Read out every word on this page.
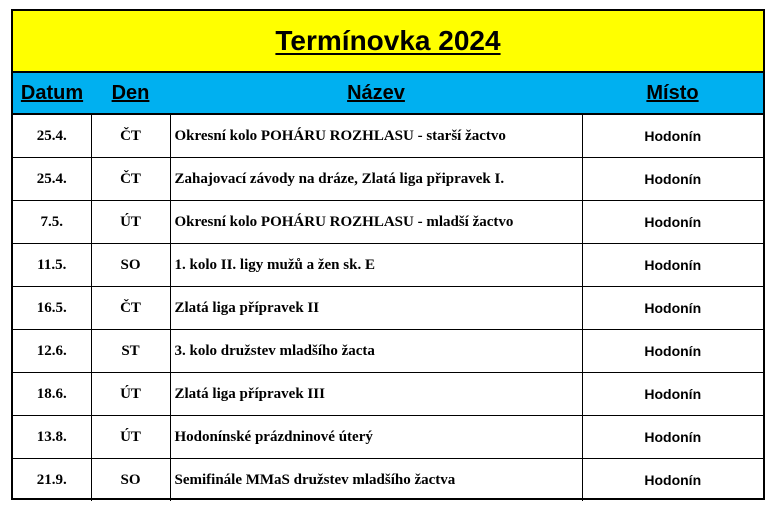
Termínovka 2024
Datum	Den	Název	Místo
25.4.	ČT	Okresní kolo POHÁRU ROZHLASU - starší žactvo	Hodonín
25.4.	ČT	Zahajovací závody na dráze, Zlatá liga připravek I.	Hodonín
7.5.	ÚT	Okresní kolo POHÁRU ROZHLASU - mladší žactvo	Hodonín
11.5.	SO	1. kolo II. ligy mužů a žen sk. E	Hodonín
16.5.	ČT	Zlatá liga přípravek II	Hodonín
12.6.	ST	3. kolo družstev mladšího žacta	Hodonín
18.6.	ÚT	Zlatá liga přípravek III	Hodonín
13.8.	ÚT	Hodonínské prázdninové úterý	Hodonín
21.9.	SO	Semifinále MMaS družstev mladšího žactva	Hodonín
